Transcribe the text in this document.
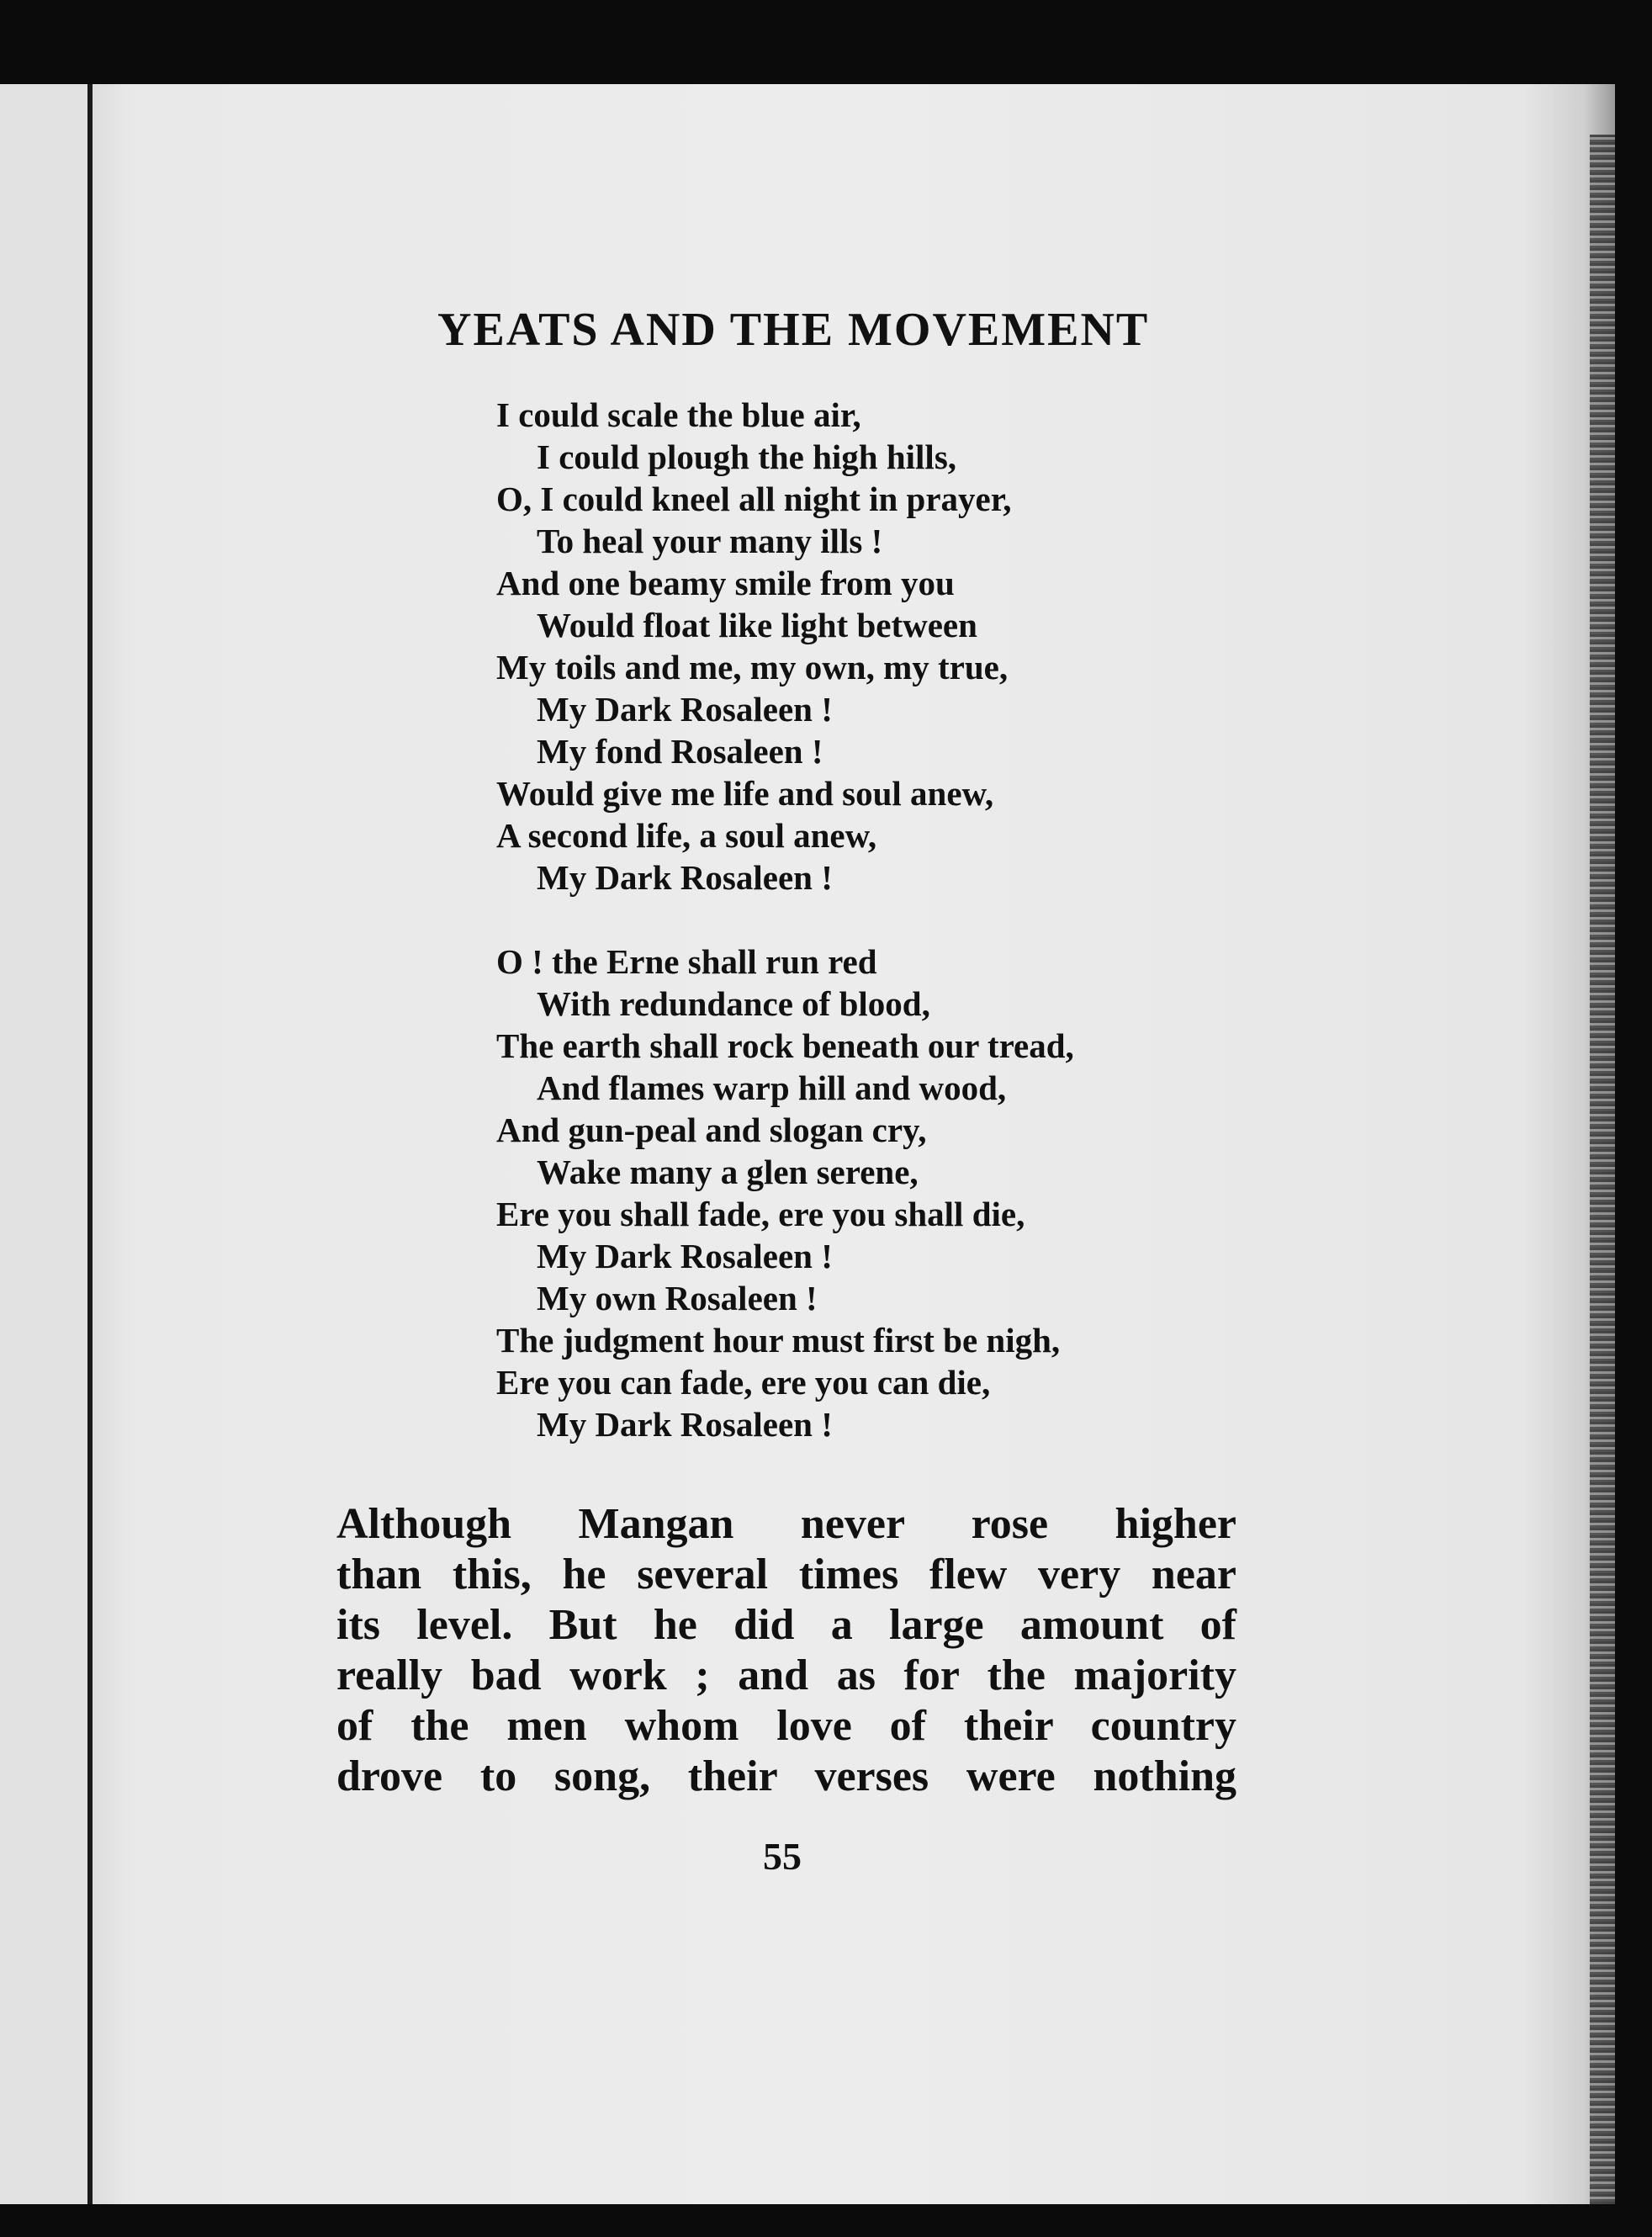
YEATS AND THE MOVEMENT
I could scale the blue air,
I could plough the high hills,
O, I could kneel all night in prayer,
To heal your many ills !
And one beamy smile from you
Would float like light between
My toils and me, my own, my true,
My Dark Rosaleen !
My fond Rosaleen !
Would give me life and soul anew,
A second life, a soul anew,
My Dark Rosaleen !
O ! the Erne shall run red
With redundance of blood,
The earth shall rock beneath our tread,
And flames warp hill and wood,
And gun-peal and slogan cry,
Wake many a glen serene,
Ere you shall fade, ere you shall die,
My Dark Rosaleen !
My own Rosaleen !
The judgment hour must first be nigh,
Ere you can fade, ere you can die,
My Dark Rosaleen !
Although Mangan never rose higher
than this, he several times flew very near
its level. But he did a large amount of
really bad work ; and as for the majority
of the men whom love of their country
drove to song, their verses were nothing
55
